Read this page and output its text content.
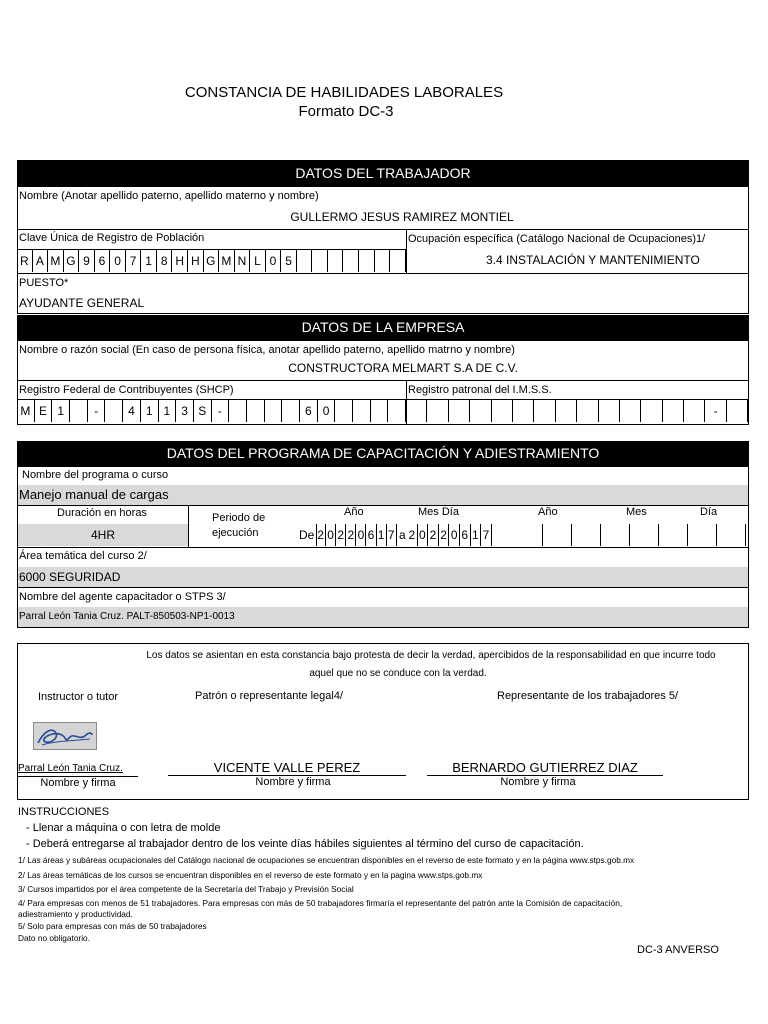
CONSTANCIA DE HABILIDADES LABORALES
Formato DC-3
DATOS DEL TRABAJADOR
Nombre (Anotar apellido paterno, apellido materno y nombre)
GULLERMO JESUS RAMIREZ MONTIEL
Clave Única de Registro de Población
R A M G 9 6 0 7 1 8 H H G M N L 0 5
Ocupación específica (Catálogo Nacional de Ocupaciones)1/
3.4 INSTALACIÓN Y MANTENIMIENTO
PUESTO*
AYUDANTE GENERAL
DATOS DE LA EMPRESA
Nombre o razón social (En caso de persona física, anotar apellido paterno, apellido matrno y nombre)
CONSTRUCTORA MELMART S.A DE C.V.
Registro Federal de Contribuyentes (SHCP)
M E 1	-	4 1 1 3 S -	6 0
Registro patronal del I.M.S.S.
-
DATOS DEL PROGRAMA DE CAPACITACIÓN Y ADIESTRAMIENTO
Nombre del programa o curso
Manejo manual de cargas
Duración en horas
4HR
Periodo de
ejecución
Año	Mes Día	Año	Mes	Día
De 2 0 2 2 0 6 1 7 a 2 0 2 2 0 6 1 7
Área temática del curso 2/
6000 SEGURIDAD
Nombre del agente capacitador o STPS 3/
Parral León Tania Cruz. PALT-850503-NP1-0013
Los datos se asientan en esta constancia bajo protesta de decir la verdad, apercibidos de la responsabilidad en que incurre todo
aquel que no se conduce con la verdad.
Instructor o tutor	Patrón o representante legal4/	Representante de los trabajadores 5/
Parral León Tania Cruz.
Nombre y firma
VICENTE VALLE PEREZ
Nombre y firma
BERNARDO GUTIERREZ DIAZ
Nombre y firma
INSTRUCCIONES
- Llenar a máquina o con letra de molde
- Deberá entregarse al trabajador dentro de los veinte días hábiles siguientes al término del curso de capacitación.
1/ Las áreas y subáreas ocupacionales del Catálogo nacional de ocupaciones se encuentran disponibles en el reverso de este formato y en la página www.stps.gob.mx
2/ Las áreas temáticas de los cursos se encuentran disponibles en el reverso de este formato y en la pagina www.stps.gob.mx
3/ Cursos impartidos por el área competente de la Secretaría del Trabajo y Previsión Social
4/ Para empresas con menos de 51 trabajadores. Para empresas con más de 50 trabajadores firmaría el representante del patrón ante la Comisión de capacitación,
adiestramiento y productividad.
5/ Solo para empresas con más de 50 trabajadores
Dato no obligatorio.
DC-3 ANVERSO
